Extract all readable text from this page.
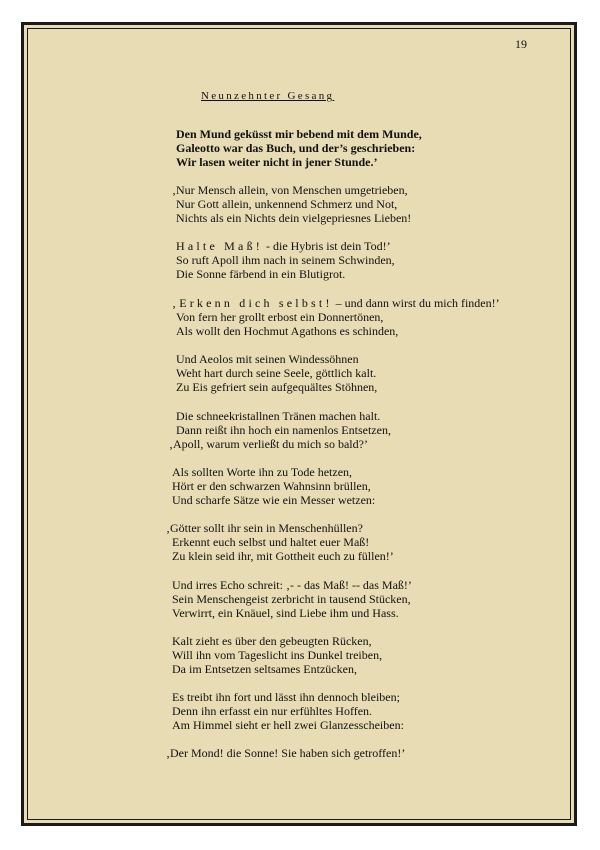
19
Neunzehnter Gesang
Den Mund geküsst mir bebend mit dem Munde,
Galeotto war das Buch, und der’s geschrieben:
Wir lasen weiter nicht in jener Stunde.’
‚Nur Mensch allein, von Menschen umgetrieben,
Nur Gott allein, unkennend Schmerz und Not,
Nichts als ein Nichts dein vielgepriesnes Lieben!
Halte Maß! - die Hybris ist dein Tod!’
So ruft Apoll ihm nach in seinem Schwinden,
Die Sonne färbend in ein Blutigrot.
‚Erkenn dich selbst! – und dann wirst du mich finden!’
Von fern her grollt erbost ein Donnertönen,
Als wollt den Hochmut Agathons es schinden,
Und Aeolos mit seinen Windessöhnen
Weht hart durch seine Seele, göttlich kalt.
Zu Eis gefriert sein aufgequältes Stöhnen,
Die schneekristallnen Tränen machen halt.
Dann reißt ihn hoch ein namenlos Entsetzen,
‚Apoll, warum verließt du mich so bald?’
Als sollten Worte ihn zu Tode hetzen,
Hört er den schwarzen Wahnsinn brüllen,
Und scharfe Sätze wie ein Messer wetzen:
‚Götter sollt ihr sein in Menschenhüllen?
Erkennt euch selbst und haltet euer Maß!
Zu klein seid ihr, mit Gottheit euch zu füllen!’
Und irres Echo schreit: ‚- - das Maß! -- das Maß!’
Sein Menschengeist zerbricht in tausend Stücken,
Verwirrt, ein Knäuel, sind Liebe ihm und Hass.
Kalt zieht es über den gebeugten Rücken,
Will ihn vom Tageslicht ins Dunkel treiben,
Da im Entsetzen seltsames Entzücken,
Es treibt ihn fort und lässt ihn dennoch bleiben;
Denn ihn erfasst ein nur erfühltes Hoffen.
Am Himmel sieht er hell zwei Glanzesscheiben:
‚Der Mond! die Sonne! Sie haben sich getroffen!’
